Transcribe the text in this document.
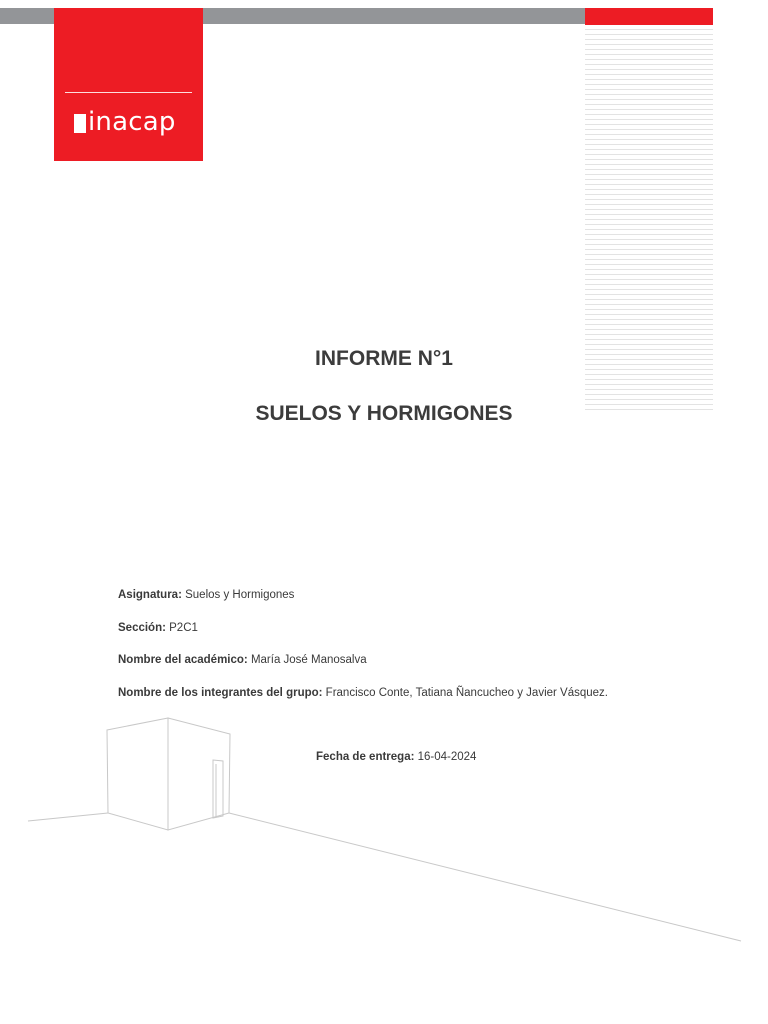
inacap
INFORME N°1
SUELOS Y HORMIGONES
Asignatura: Suelos y Hormigones
Sección: P2C1
Nombre del académico: María José Manosalva
Nombre de los integrantes del grupo: Francisco Conte, Tatiana Ñancucheo y Javier Vásquez.
Fecha de entrega: 16-04-2024
